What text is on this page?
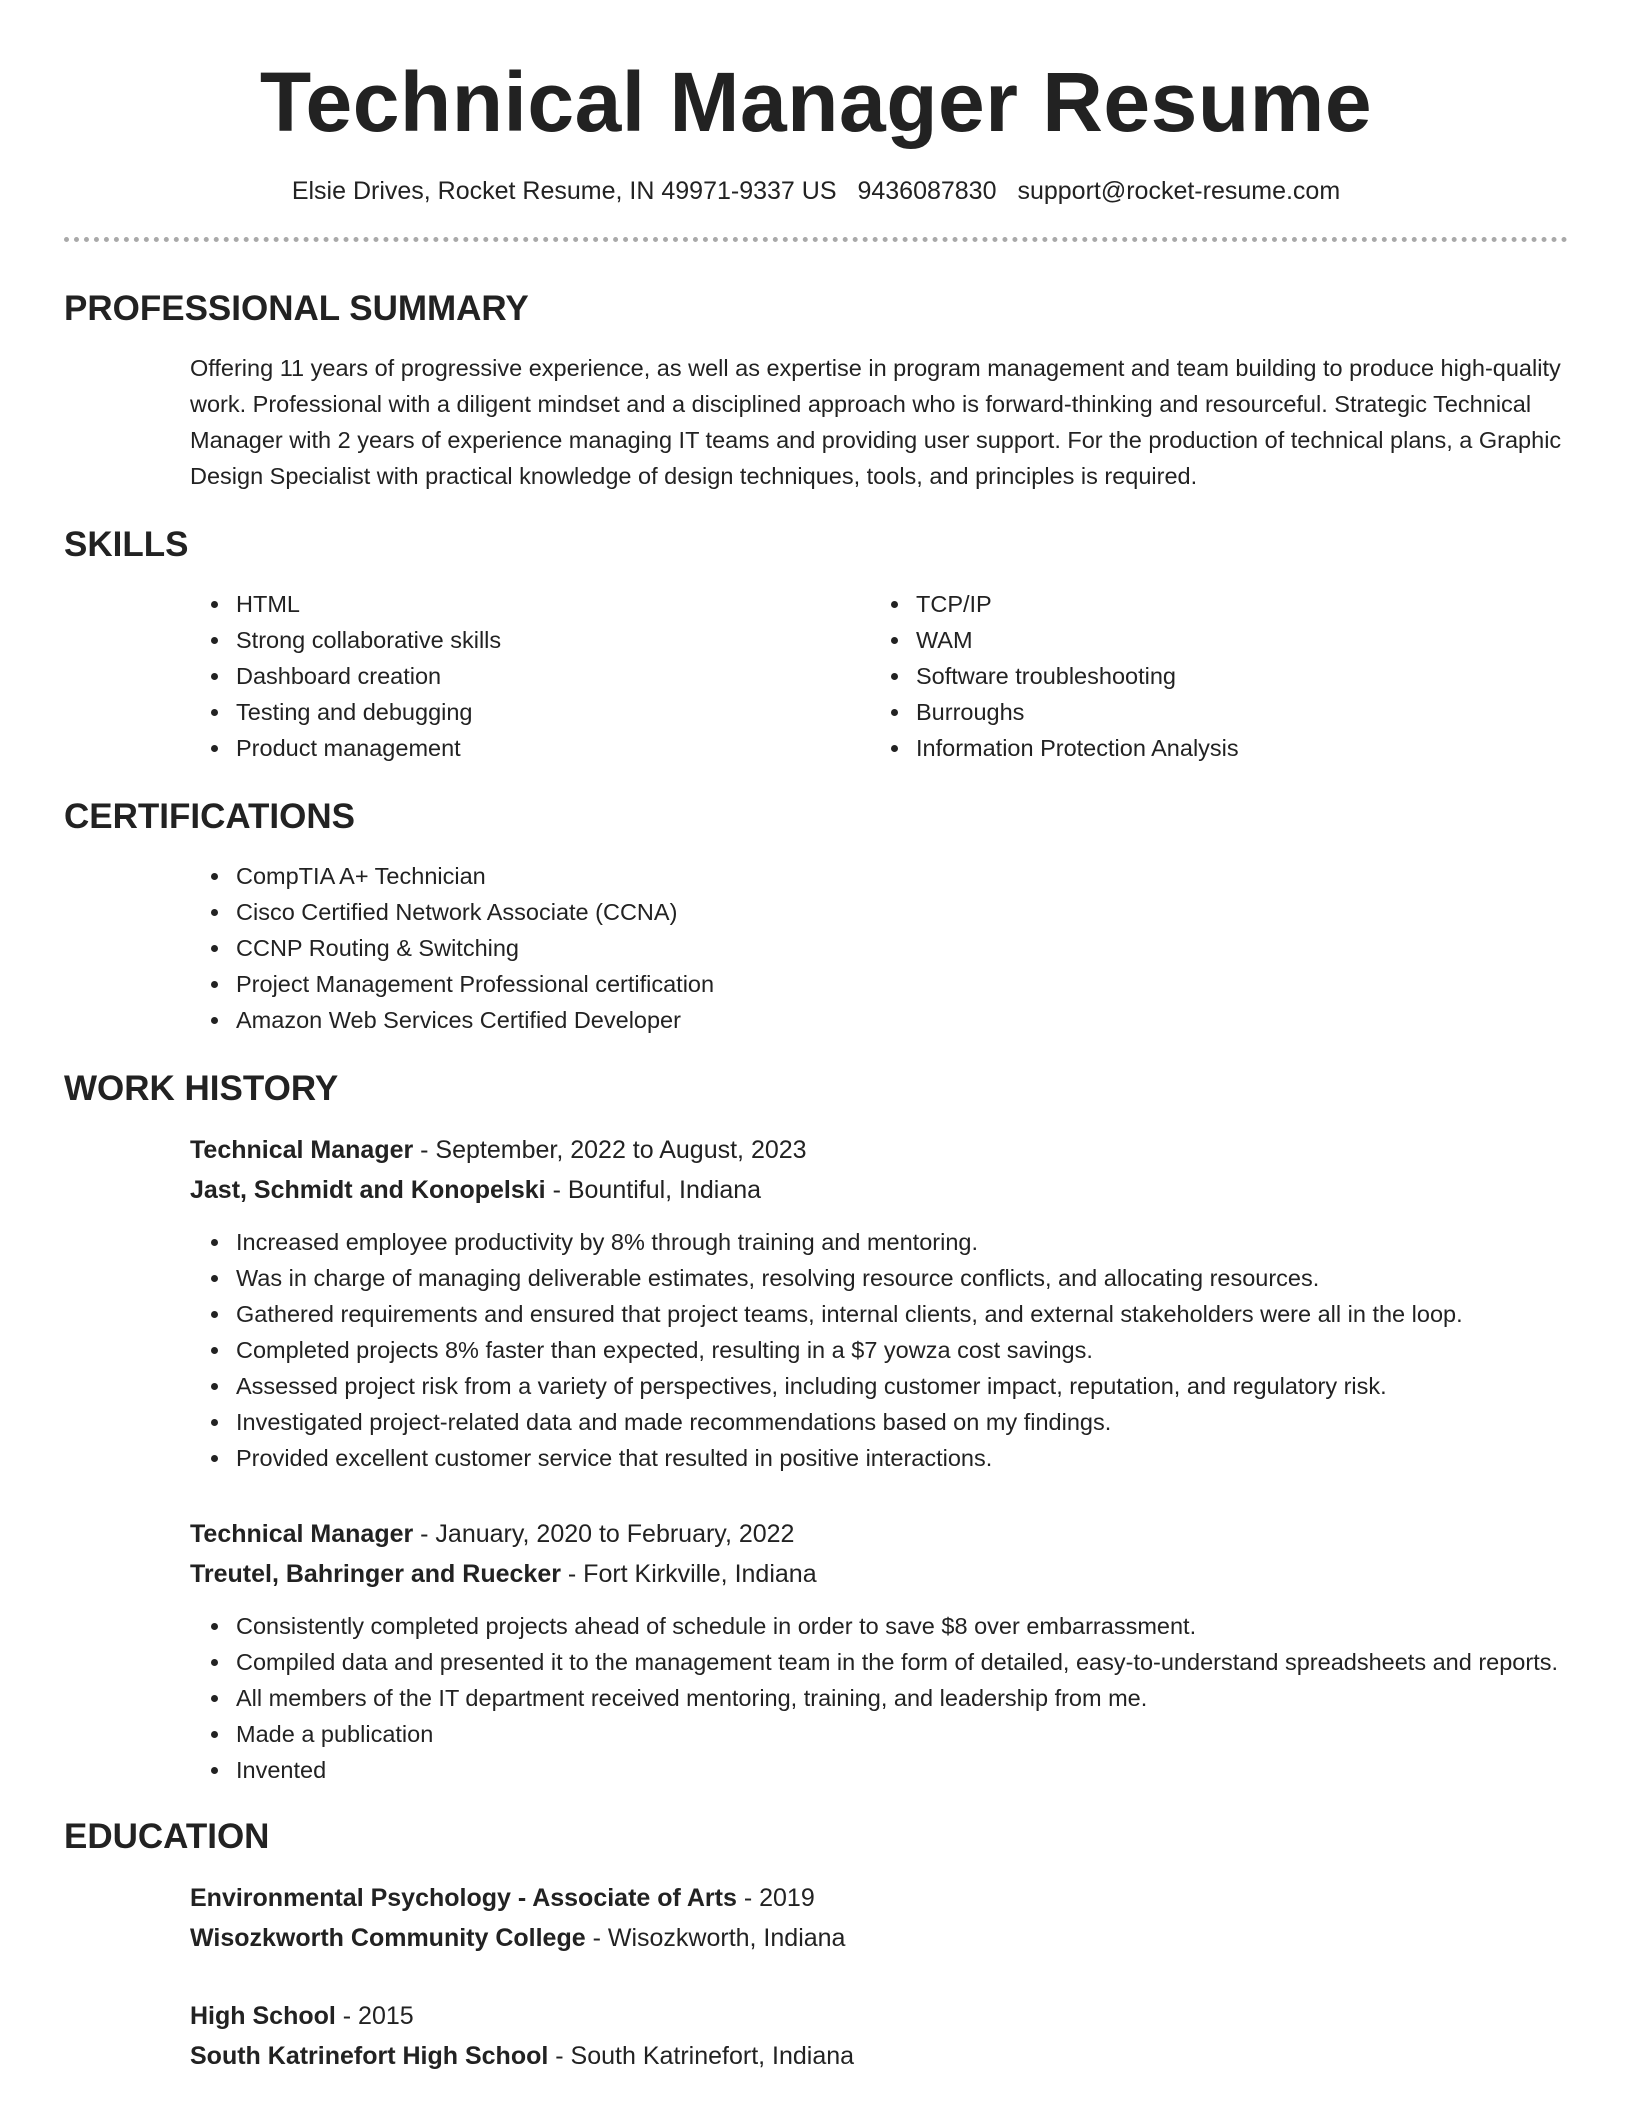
Technical Manager Resume
Elsie Drives, Rocket Resume, IN 49971-9337 US 9436087830 support@rocket-resume.com
PROFESSIONAL SUMMARY

Offering 11 years of progressive experience, as well as expertise in program management and team building to produce high-quality work. Professional with a diligent mindset and a disciplined approach who is forward-thinking and resourceful. Strategic Technical Manager with 2 years of experience managing IT teams and providing user support. For the production of technical plans, a Graphic Design Specialist with practical knowledge of design techniques, tools, and principles is required.

SKILLS
• HTML
• Strong collaborative skills
• Dashboard creation
• Testing and debugging
• Product management
• TCP/IP
• WAM
• Software troubleshooting
• Burroughs
• Information Protection Analysis
CERTIFICATIONS
• CompTIA A+ Technician
• Cisco Certified Network Associate (CCNA)
• CCNP Routing & Switching
• Project Management Professional certification
• Amazon Web Services Certified Developer
WORK HISTORY
Technical Manager - September, 2022 to August, 2023
Jast, Schmidt and Konopelski - Bountiful, Indiana
• Increased employee productivity by 8% through training and mentoring.
• Was in charge of managing deliverable estimates, resolving resource conflicts, and allocating resources.
• Gathered requirements and ensured that project teams, internal clients, and external stakeholders were all in the loop.
• Completed projects 8% faster than expected, resulting in a $7 yowza cost savings.
• Assessed project risk from a variety of perspectives, including customer impact, reputation, and regulatory risk.
• Investigated project-related data and made recommendations based on my findings.
• Provided excellent customer service that resulted in positive interactions.
Technical Manager - January, 2020 to February, 2022
Treutel, Bahringer and Ruecker - Fort Kirkville, Indiana
• Consistently completed projects ahead of schedule in order to save $8 over embarrassment.
• Compiled data and presented it to the management team in the form of detailed, easy-to-understand spreadsheets and reports.
• All members of the IT department received mentoring, training, and leadership from me.
• Made a publication
• Invented
EDUCATION
Environmental Psychology - Associate of Arts - 2019
Wisozkworth Community College - Wisozkworth, Indiana
High School - 2015
South Katrinefort High School - South Katrinefort, Indiana
